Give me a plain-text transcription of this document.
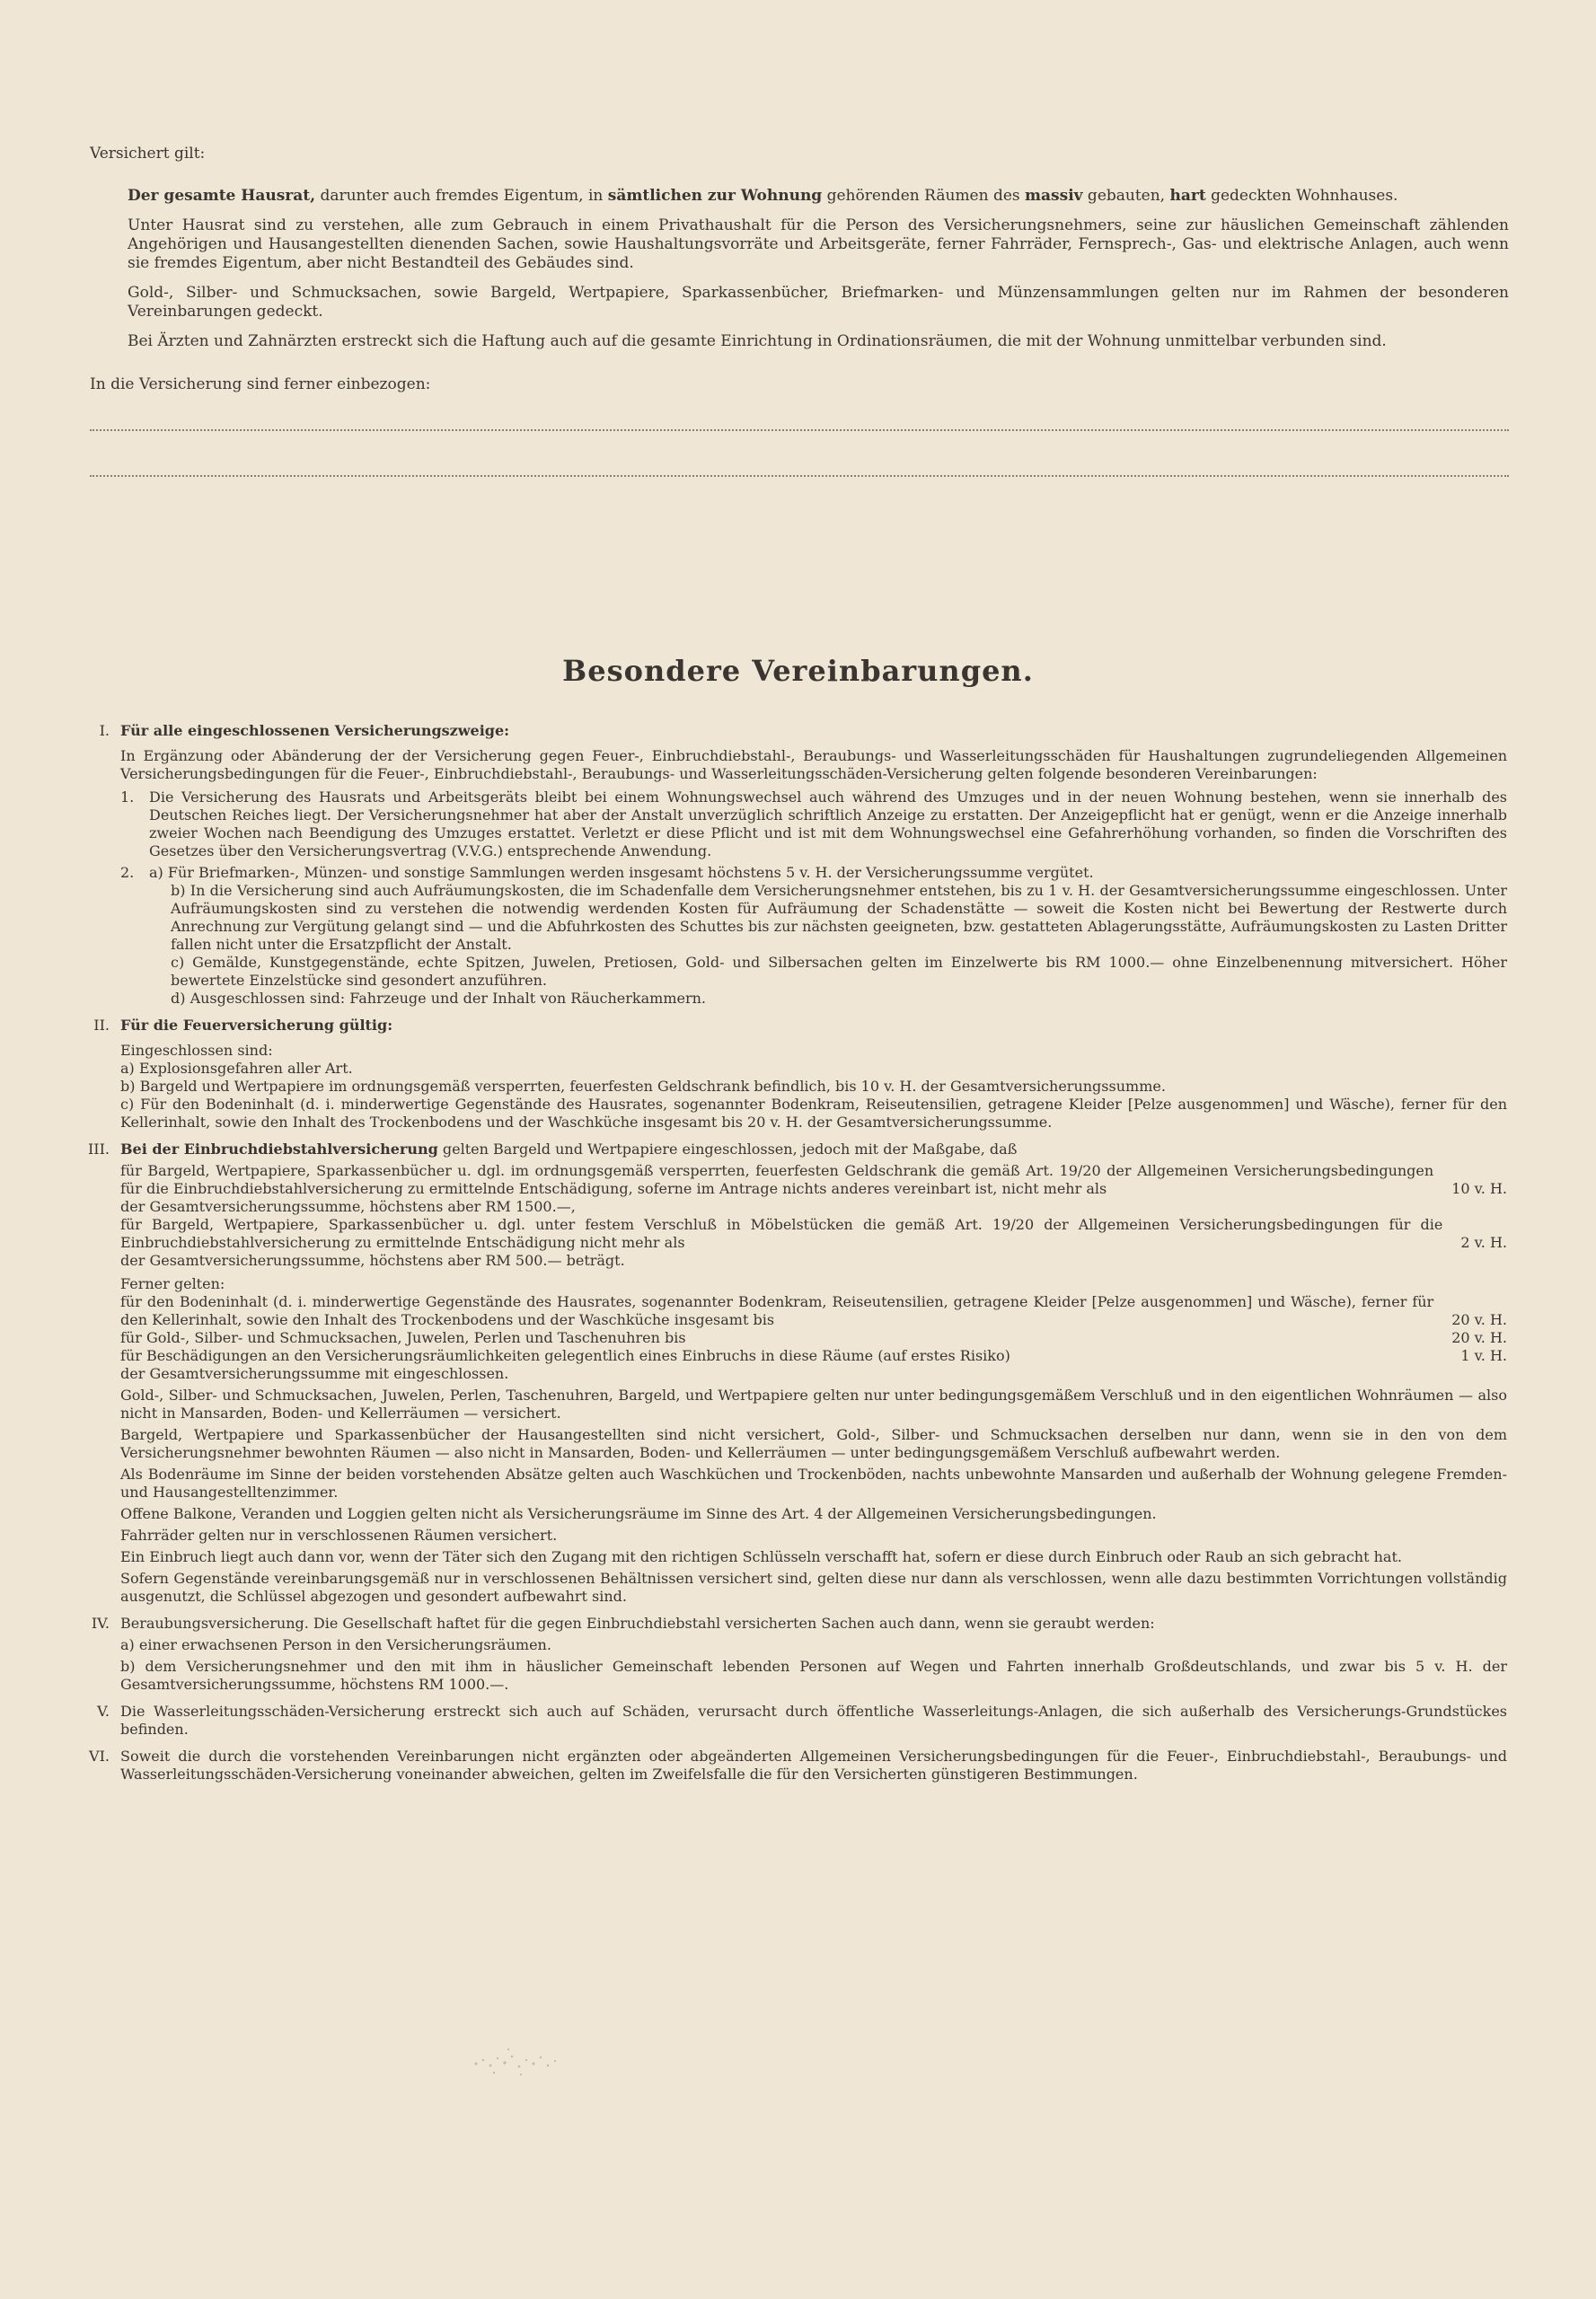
Versichert gilt:

Der gesamte Hausrat, darunter auch fremdes Eigentum, in sämtlichen zur Wohnung gehörenden Räumen des massiv gebauten, hart gedeckten Wohnhauses.

Unter Hausrat sind zu verstehen, alle zum Gebrauch in einem Privathaushalt für die Person des Versicherungsnehmers, seine zur häuslichen Gemeinschaft zählenden Angehörigen und Hausangestellten dienenden Sachen, sowie Haushaltungsvorräte und Arbeitsgeräte, ferner Fahrräder, Fernsprech-, Gas- und elektrische Anlagen, auch wenn sie fremdes Eigentum, aber nicht Bestandteil des Gebäudes sind.

Gold-, Silber- und Schmucksachen, sowie Bargeld, Wertpapiere, Sparkassenbücher, Briefmarken- und Münzensammlungen gelten nur im Rahmen der besonderen Vereinbarungen gedeckt.

Bei Ärzten und Zahnärzten erstreckt sich die Haftung auch auf die gesamte Einrichtung in Ordinationsräumen, die mit der Wohnung unmittelbar verbunden sind.

In die Versicherung sind ferner einbezogen:

Besondere Vereinbarungen.
I. Für alle eingeschlossenen Versicherungszweige:

In Ergänzung oder Abänderung der der Versicherung gegen Feuer-, Einbruchdiebstahl-, Beraubungs- und Wasserleitungsschäden für Haushaltungen zugrundeliegenden Allgemeinen Versicherungsbedingungen für die Feuer-, Einbruchdiebstahl-, Beraubungs- und Wasserleitungsschäden-Versicherung gelten folgende besonderen Vereinbarungen:

1.	Die Versicherung des Hausrats und Arbeitsgeräts bleibt bei einem Wohnungswechsel auch während des Umzuges und in der neuen Wohnung bestehen, wenn sie innerhalb des Deutschen Reiches liegt. Der Versicherungsnehmer hat aber der Anstalt unverzüglich schriftlich Anzeige zu erstatten. Der Anzeigepflicht hat er genügt, wenn er die Anzeige innerhalb zweier Wochen nach Beendigung des Umzuges erstattet. Verletzt er diese Pflicht und ist mit dem Wohnungswechsel eine Gefahrerhöhung vorhanden, so finden die Vorschriften des Gesetzes über den Versicherungsvertrag (V.V.G.) entsprechende Anwendung.

2.	a) Für Briefmarken-, Münzen- und sonstige Sammlungen werden insgesamt höchstens 5 v. H. der Versicherungssumme vergütet.

b) In die Versicherung sind auch Aufräumungskosten, die im Schadenfalle dem Versicherungsnehmer entstehen, bis zu 1 v. H. der Gesamtversicherungssumme eingeschlossen. Unter Aufräumungskosten sind zu verstehen die notwendig werdenden Kosten für Aufräumung der Schadenstätte — soweit die Kosten nicht bei Bewertung der Restwerte durch Anrechnung zur Vergütung gelangt sind — und die Abfuhrkosten des Schuttes bis zur nächsten geeigneten, bzw. gestatteten Ablagerungsstätte, Aufräumungskosten zu Lasten Dritter fallen nicht unter die Ersatzpflicht der Anstalt.

c) Gemälde, Kunstgegenstände, echte Spitzen, Juwelen, Pretiosen, Gold- und Silbersachen gelten im Einzelwerte bis RM 1000.— ohne Einzelbenennung mitversichert. Höher bewertete Einzelstücke sind gesondert anzuführen.

d) Ausgeschlossen sind: Fahrzeuge und der Inhalt von Räucherkammern.

II. Für die Feuerversicherung gültig:

Eingeschlossen sind:

a) Explosionsgefahren aller Art.

b) Bargeld und Wertpapiere im ordnungsgemäß versperrten, feuerfesten Geldschrank befindlich, bis 10 v. H. der Gesamtversicherungssumme.

c) Für den Bodeninhalt (d. i. minderwertige Gegenstände des Hausrates, sogenannter Bodenkram, Reiseutensilien, getragene Kleider [Pelze ausgenommen] und Wäsche), ferner für den Kellerinhalt, sowie den Inhalt des Trockenbodens und der Waschküche insgesamt bis 20 v. H. der Gesamtversicherungssumme.

III. Bei der Einbruchdiebstahlversicherung gelten Bargeld und Wertpapiere eingeschlossen, jedoch mit der Maßgabe, daß

für Bargeld, Wertpapiere, Sparkassenbücher u. dgl. im ordnungsgemäß versperrten, feuerfesten Geldschrank die gemäß Art. 19/20 der Allgemeinen Versicherungsbedingungen für die Einbruchdiebstahlversicherung zu ermittelnde Entschädigung, soferne im Antrage nichts anderes vereinbart ist, nicht mehr als	10 v. H.

der Gesamtversicherungssumme, höchstens aber RM 1500.—,

für Bargeld, Wertpapiere, Sparkassenbücher u. dgl. unter festem Verschluß in Möbelstücken die gemäß Art. 19/20 der Allgemeinen Versicherungsbedingungen für die Einbruchdiebstahlversicherung zu ermittelnde Entschädigung nicht mehr als	2 v. H.

der Gesamtversicherungssumme, höchstens aber RM 500.— beträgt.

Ferner gelten:

für den Bodeninhalt (d. i. minderwertige Gegenstände des Hausrates, sogenannter Bodenkram, Reiseutensilien, getragene Kleider [Pelze ausgenommen] und Wäsche), ferner für den Kellerinhalt, sowie den Inhalt des Trockenbodens und der Waschküche insgesamt bis	20 v. H.
für Gold-, Silber- und Schmucksachen, Juwelen, Perlen und Taschenuhren bis	20 v. H.
für Beschädigungen an den Versicherungsräumlichkeiten gelegentlich eines Einbruchs in diese Räume (auf erstes Risiko)	1 v. H.

der Gesamtversicherungssumme mit eingeschlossen.

Gold-, Silber- und Schmucksachen, Juwelen, Perlen, Taschenuhren, Bargeld, und Wertpapiere gelten nur unter bedingungsgemäßem Verschluß und in den eigentlichen Wohnräumen — also nicht in Mansarden, Boden- und Kellerräumen — versichert.

Bargeld, Wertpapiere und Sparkassenbücher der Hausangestellten sind nicht versichert, Gold-, Silber- und Schmucksachen derselben nur dann, wenn sie in den von dem Versicherungsnehmer bewohnten Räumen — also nicht in Mansarden, Boden- und Kellerräumen — unter bedingungsgemäßem Verschluß aufbewahrt werden.

Als Bodenräume im Sinne der beiden vorstehenden Absätze gelten auch Waschküchen und Trockenböden, nachts unbewohnte Mansarden und außerhalb der Wohnung gelegene Fremden- und Hausangestelltenzimmer.

Offene Balkone, Veranden und Loggien gelten nicht als Versicherungsräume im Sinne des Art. 4 der Allgemeinen Versicherungsbedingungen.

Fahrräder gelten nur in verschlossenen Räumen versichert.

Ein Einbruch liegt auch dann vor, wenn der Täter sich den Zugang mit den richtigen Schlüsseln verschafft hat, sofern er diese durch Einbruch oder Raub an sich gebracht hat.

Sofern Gegenstände vereinbarungsgemäß nur in verschlossenen Behältnissen versichert sind, gelten diese nur dann als verschlossen, wenn alle dazu bestimmten Vorrichtungen vollständig ausgenutzt, die Schlüssel abgezogen und gesondert aufbewahrt sind.

IV. Beraubungsversicherung. Die Gesellschaft haftet für die gegen Einbruchdiebstahl versicherten Sachen auch dann, wenn sie geraubt werden:

a) einer erwachsenen Person in den Versicherungsräumen.

b) dem Versicherungsnehmer und den mit ihm in häuslicher Gemeinschaft lebenden Personen auf Wegen und Fahrten innerhalb Großdeutschlands, und zwar bis 5 v. H. der Gesamtversicherungssumme, höchstens RM 1000.—.

V. Die Wasserleitungsschäden-Versicherung erstreckt sich auch auf Schäden, verursacht durch öffentliche Wasserleitungs-Anlagen, die sich außerhalb des Versicherungs-Grundstückes befinden.

VI. Soweit die durch die vorstehenden Vereinbarungen nicht ergänzten oder abgeänderten Allgemeinen Versicherungsbedingungen für die Feuer-, Einbruchdiebstahl-, Beraubungs- und Wasserleitungsschäden-Versicherung voneinander abweichen, gelten im Zweifelsfalle die für den Versicherten günstigeren Bestimmungen.
